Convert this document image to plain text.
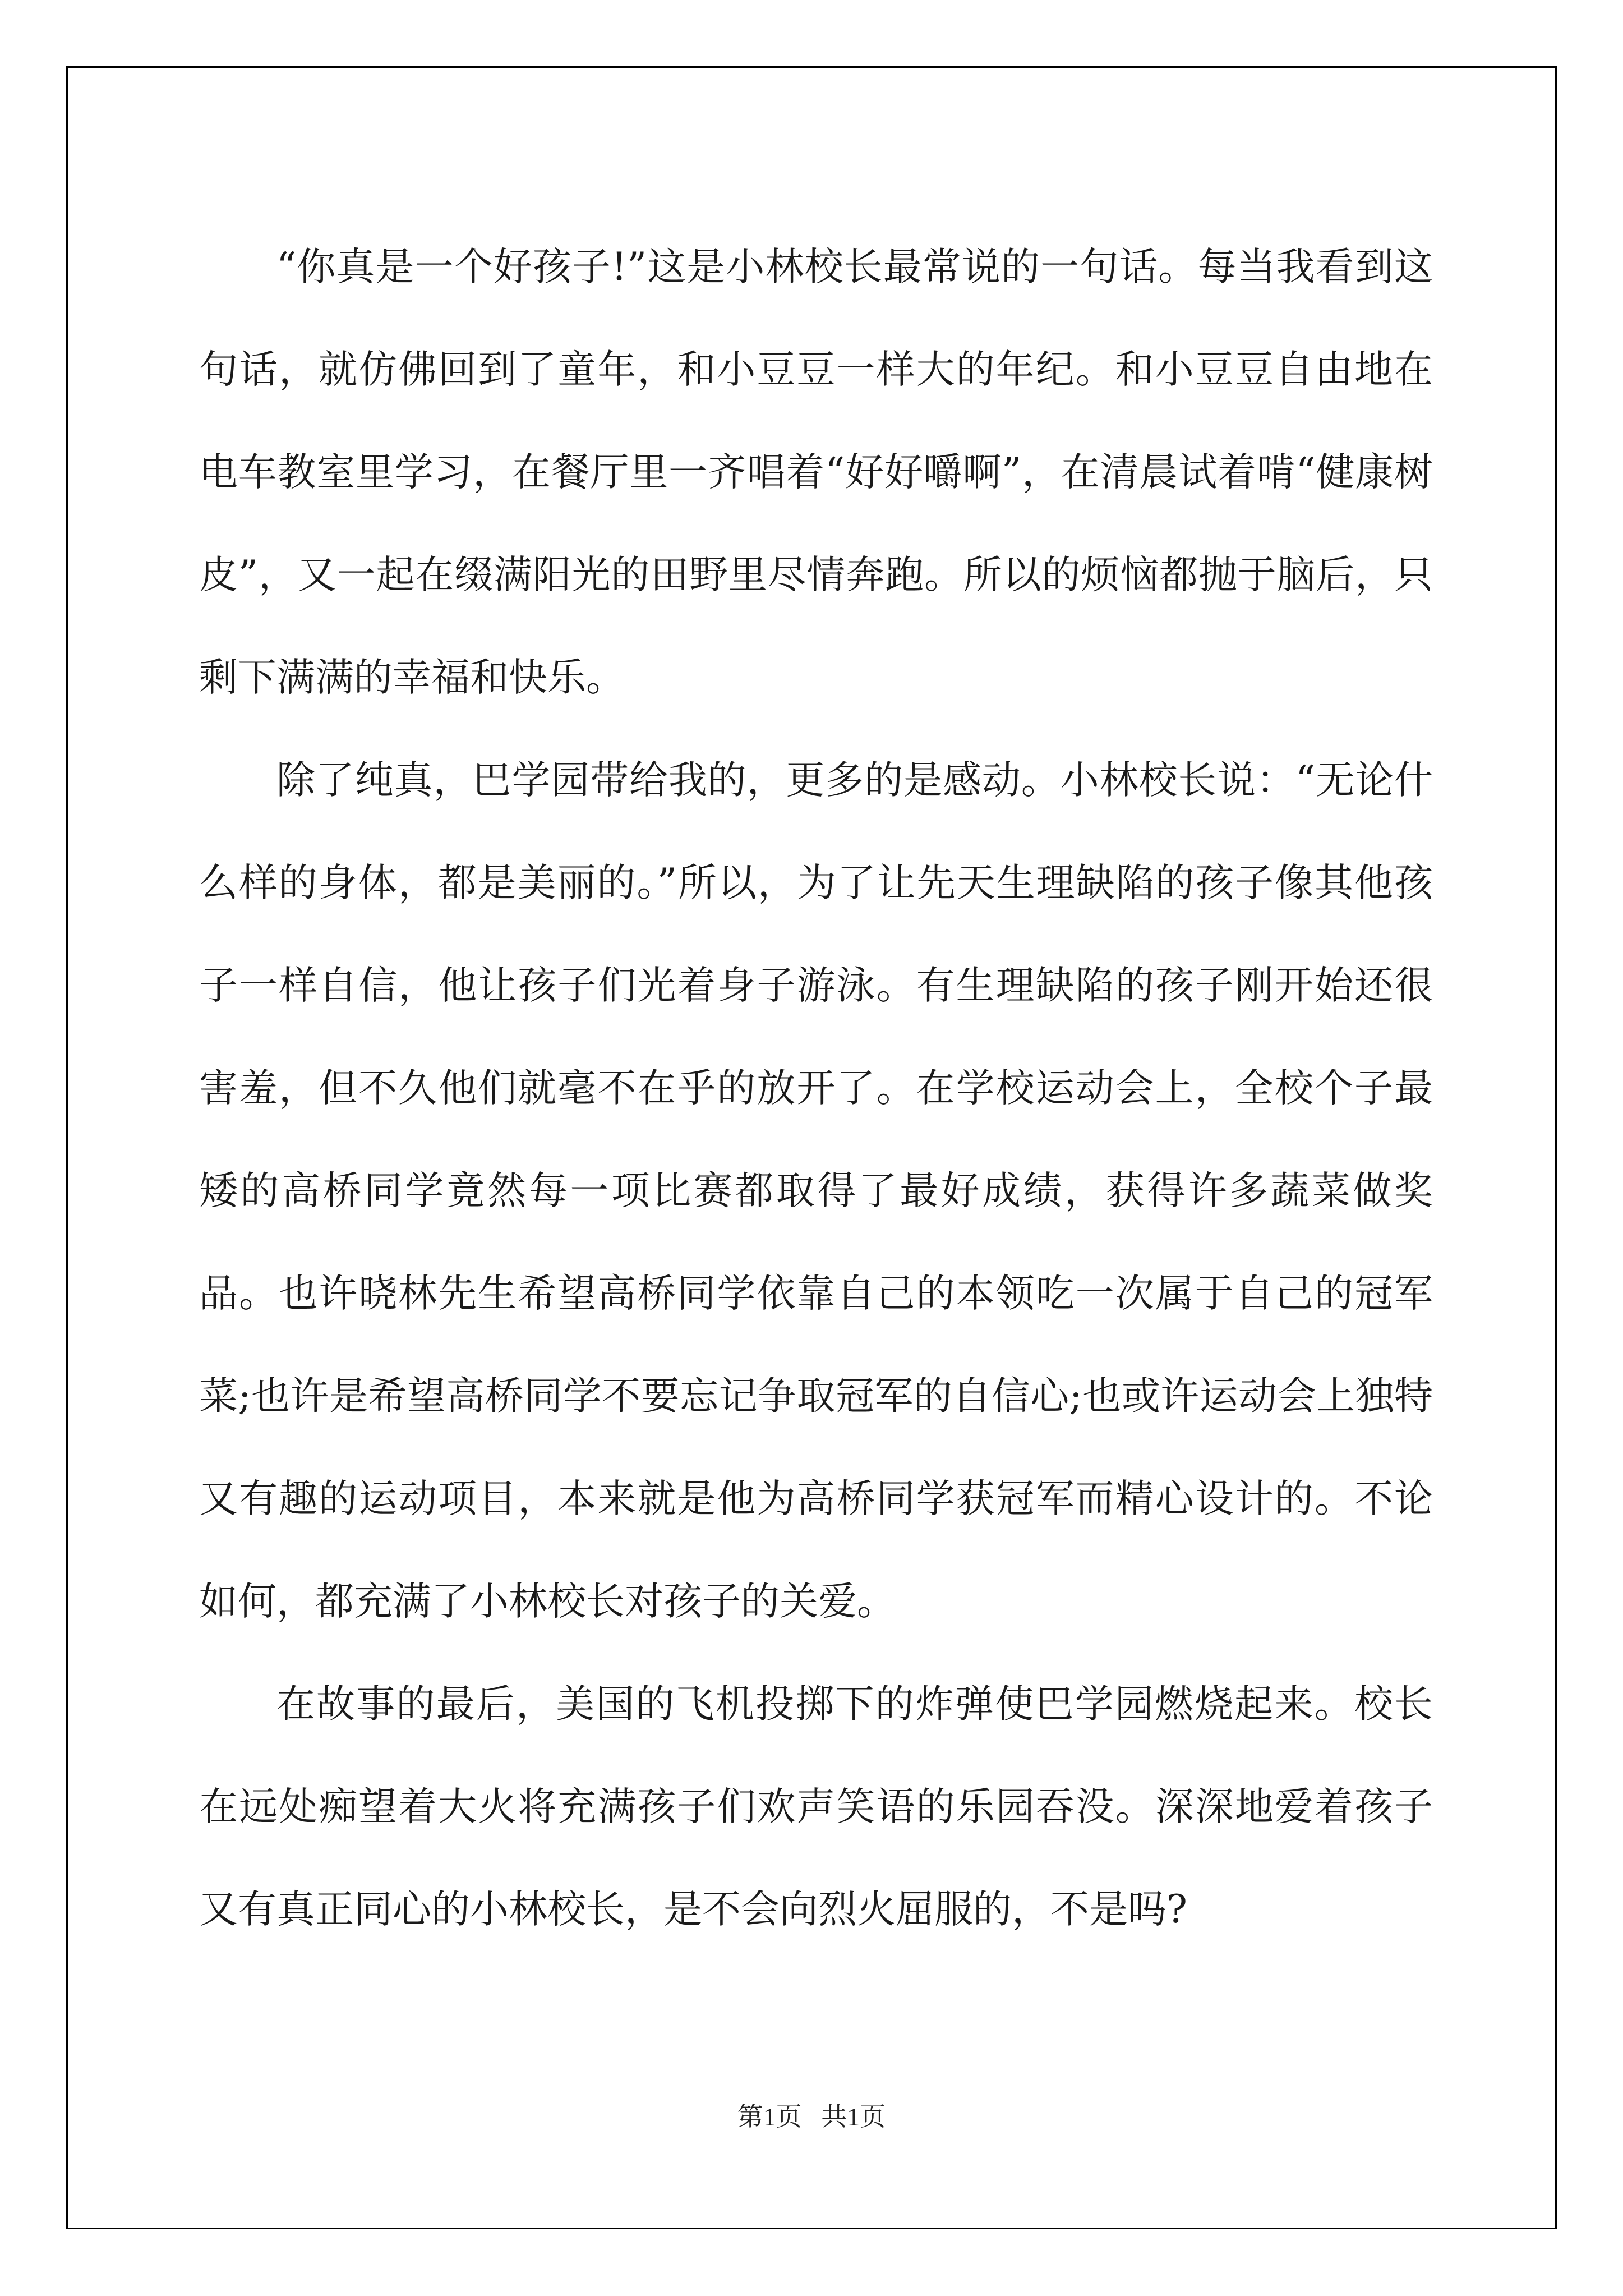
“你真是一个好孩子!”这是小林校长最常说的一句话。每当我看到这句话，就仿佛回到了童年，和小豆豆一样大的年纪。和小豆豆自由地在电车教室里学习，在餐厅里一齐唱着“好好嚼啊”，在清晨试着啃“健康树皮”，又一起在缀满阳光的田野里尽情奔跑。所以的烦恼都抛于脑后，只剩下满满的幸福和快乐。

除了纯真，巴学园带给我的，更多的是感动。小林校长说：“无论什么样的身体，都是美丽的。”所以，为了让先天生理缺陷的孩子像其他孩子一样自信，他让孩子们光着身子游泳。有生理缺陷的孩子刚开始还很害羞，但不久他们就毫不在乎的放开了。在学校运动会上，全校个子最矮的高桥同学竟然每一项比赛都取得了最好成绩，获得许多蔬菜做奖品。也许晓林先生希望高桥同学依靠自己的本领吃一次属于自己的冠军菜;也许是希望高桥同学不要忘记争取冠军的自信心;也或许运动会上独特又有趣的运动项目，本来就是他为高桥同学获冠军而精心设计的。不论如何，都充满了小林校长对孩子的关爱。

在故事的最后，美国的飞机投掷下的炸弹使巴学园燃烧起来。校长在远处痴望着大火将充满孩子们欢声笑语的乐园吞没。深深地爱着孩子又有真正同心的小林校长，是不会向烈火屈服的，不是吗?

第1页   共1页
